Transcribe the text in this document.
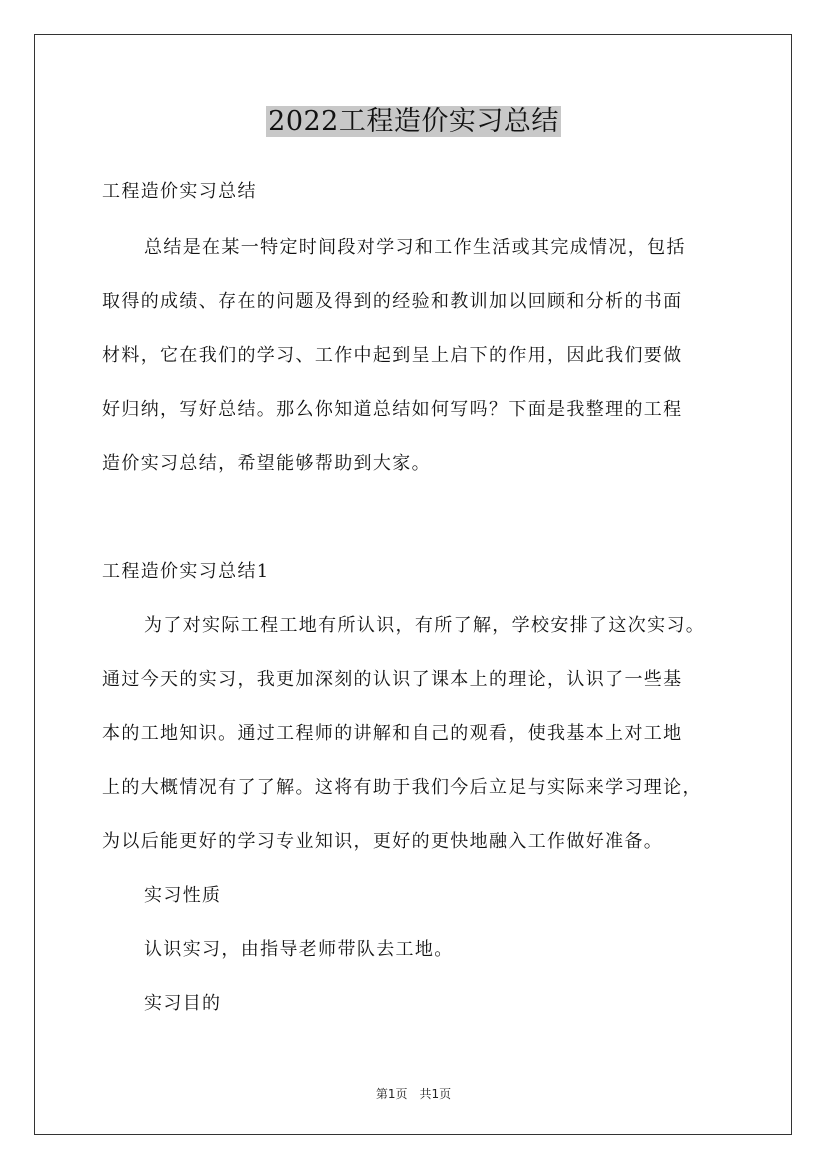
2022工程造价实习总结

工程造价实习总结

总结是在某一特定时间段对学习和工作生活或其完成情况，包括

取得的成绩、存在的问题及得到的经验和教训加以回顾和分析的书面

材料，它在我们的学习、工作中起到呈上启下的作用，因此我们要做

好归纳，写好总结。那么你知道总结如何写吗？下面是我整理的工程

造价实习总结，希望能够帮助到大家。

工程造价实习总结1

为了对实际工程工地有所认识，有所了解，学校安排了这次实习。

通过今天的实习，我更加深刻的认识了课本上的理论，认识了一些基

本的工地知识。通过工程师的讲解和自己的观看，使我基本上对工地

上的大概情况有了了解。这将有助于我们今后立足与实际来学习理论，

为以后能更好的学习专业知识，更好的更快地融入工作做好准备。

实习性质

认识实习，由指导老师带队去工地。

实习目的

第1页　共1页
